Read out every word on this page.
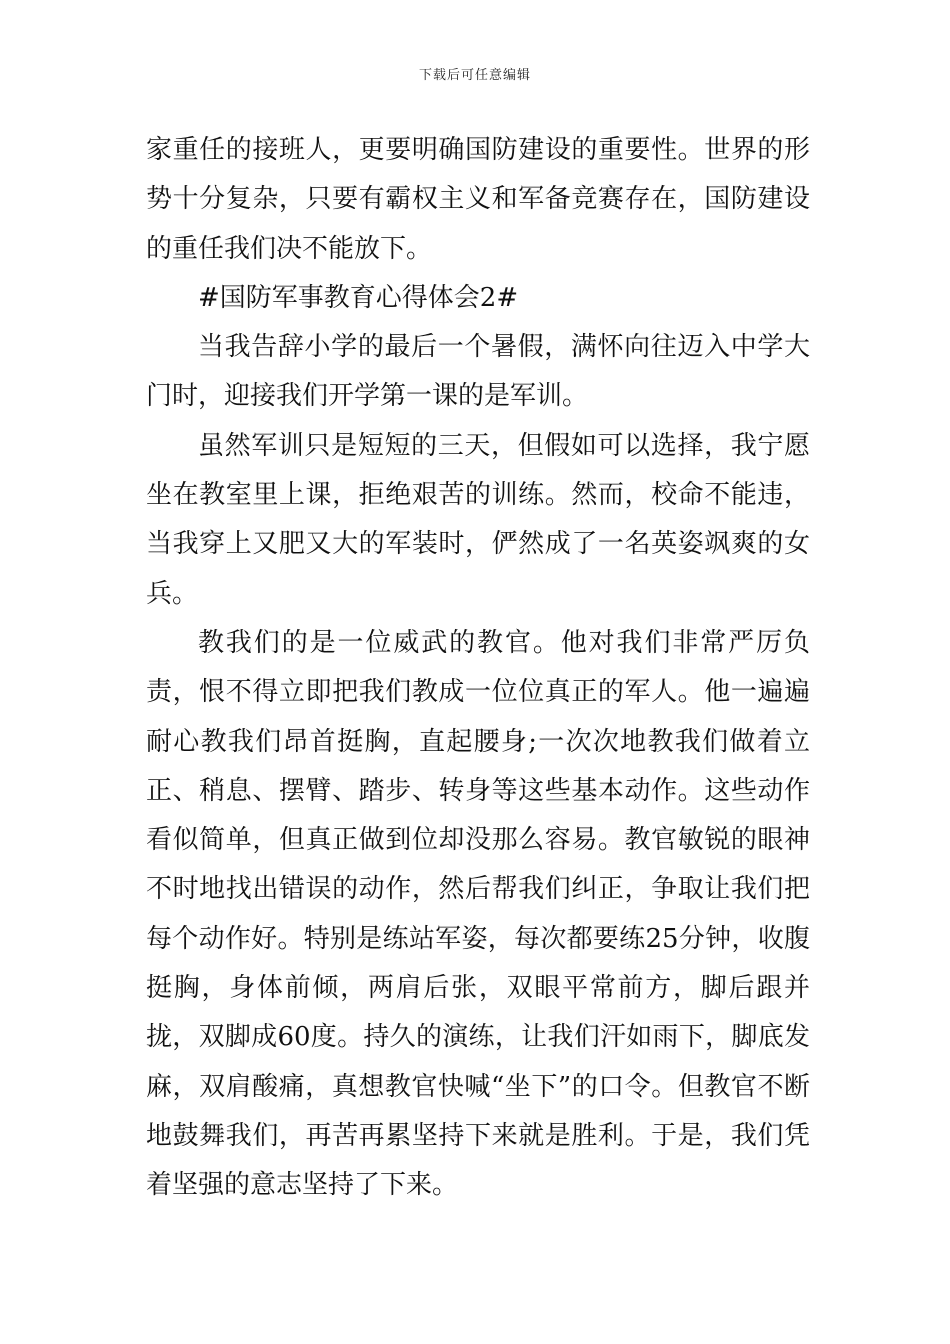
下载后可任意编辑

家重任的接班人，更要明确国防建设的重要性。世界的形势十分复杂，只要有霸权主义和军备竞赛存在，国防建设的重任我们决不能放下。

#国防军事教育心得体会2#

当我告辞小学的最后一个暑假，满怀向往迈入中学大门时，迎接我们开学第一课的是军训。

虽然军训只是短短的三天，但假如可以选择，我宁愿坐在教室里上课，拒绝艰苦的训练。然而，校命不能违，当我穿上又肥又大的军装时，俨然成了一名英姿飒爽的女兵。

教我们的是一位威武的教官。他对我们非常严厉负责，恨不得立即把我们教成一位位真正的军人。他一遍遍耐心教我们昂首挺胸，直起腰身;一次次地教我们做着立正、稍息、摆臂、踏步、转身等这些基本动作。这些动作看似简单，但真正做到位却没那么容易。教官敏锐的眼神不时地找出错误的动作，然后帮我们纠正，争取让我们把每个动作好。特别是练站军姿，每次都要练25分钟，收腹挺胸，身体前倾，两肩后张，双眼平常前方，脚后跟并拢，双脚成60度。持久的演练，让我们汗如雨下，脚底发麻，双肩酸痛，真想教官快喊“坐下”的口令。但教官不断地鼓舞我们，再苦再累坚持下来就是胜利。于是，我们凭着坚强的意志坚持了下来。
